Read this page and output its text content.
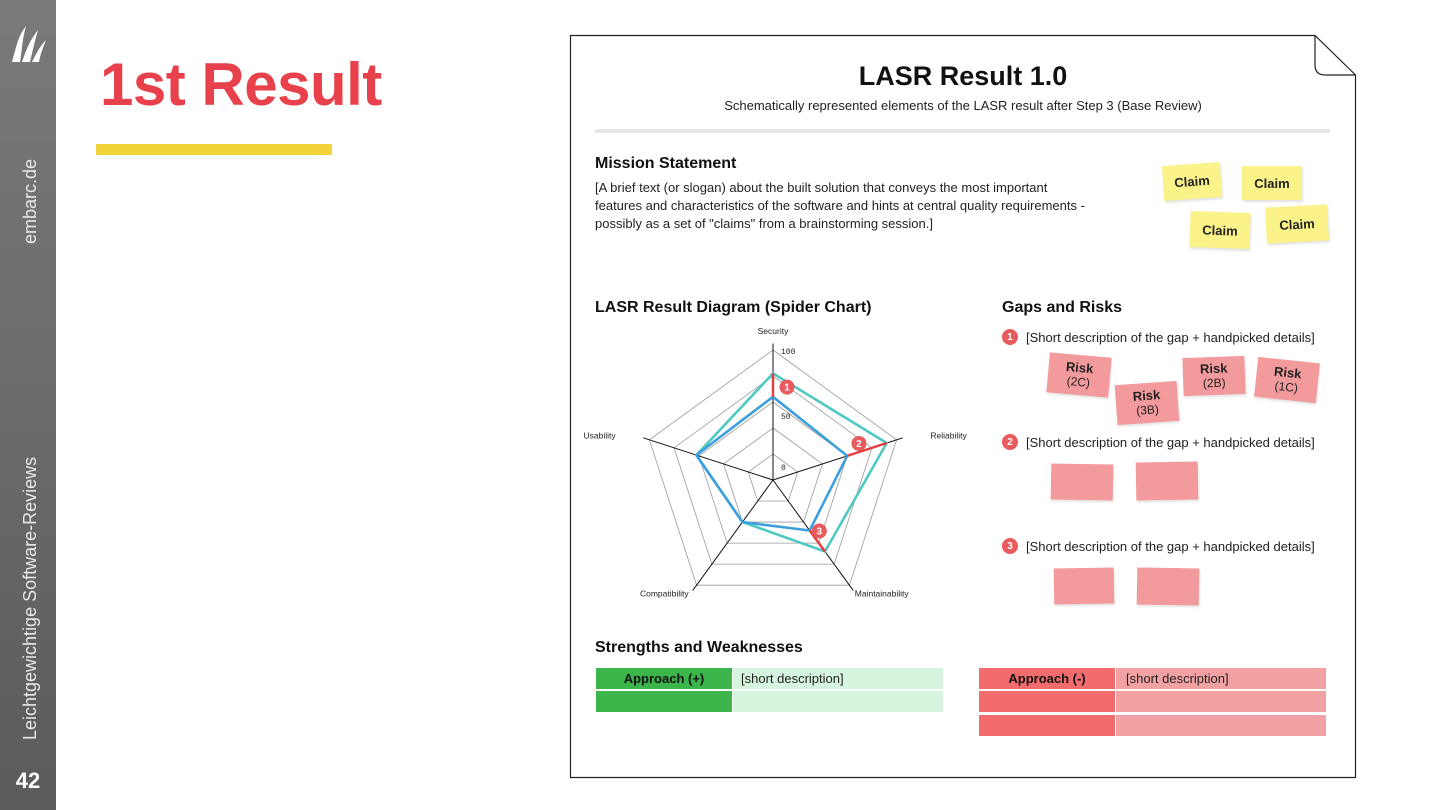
embarc.de
Leichtgewichtige Software-Reviews
42
1st Result	LASR Result 1.0
Schematically represented elements of the LASR result after Step 3 (Base Review)
Mission Statement
[A brief text (or slogan) about the built solution that conveys the most important
features and characteristics of the software and hints at central quality requirements -
possibly as a set of "claims" from a brainstorming session.]
Claim	Claim
Claim	Claim
LASR Result Diagram (Spider Chart)
1
2
3
Security
Reliability
Maintainability
Compatibility
Usability
100
50
0
Gaps and Risks
1	[Short description of the gap + handpicked details]
Risk
(2C)
Risk
(3B)
Risk
(2B)
Risk
(1C)
2	[Short description of the gap + handpicked details]
3	[Short description of the gap + handpicked details]
Strengths and Weaknesses
Approach (+)	[short description]	Approach (-)	[short description]
